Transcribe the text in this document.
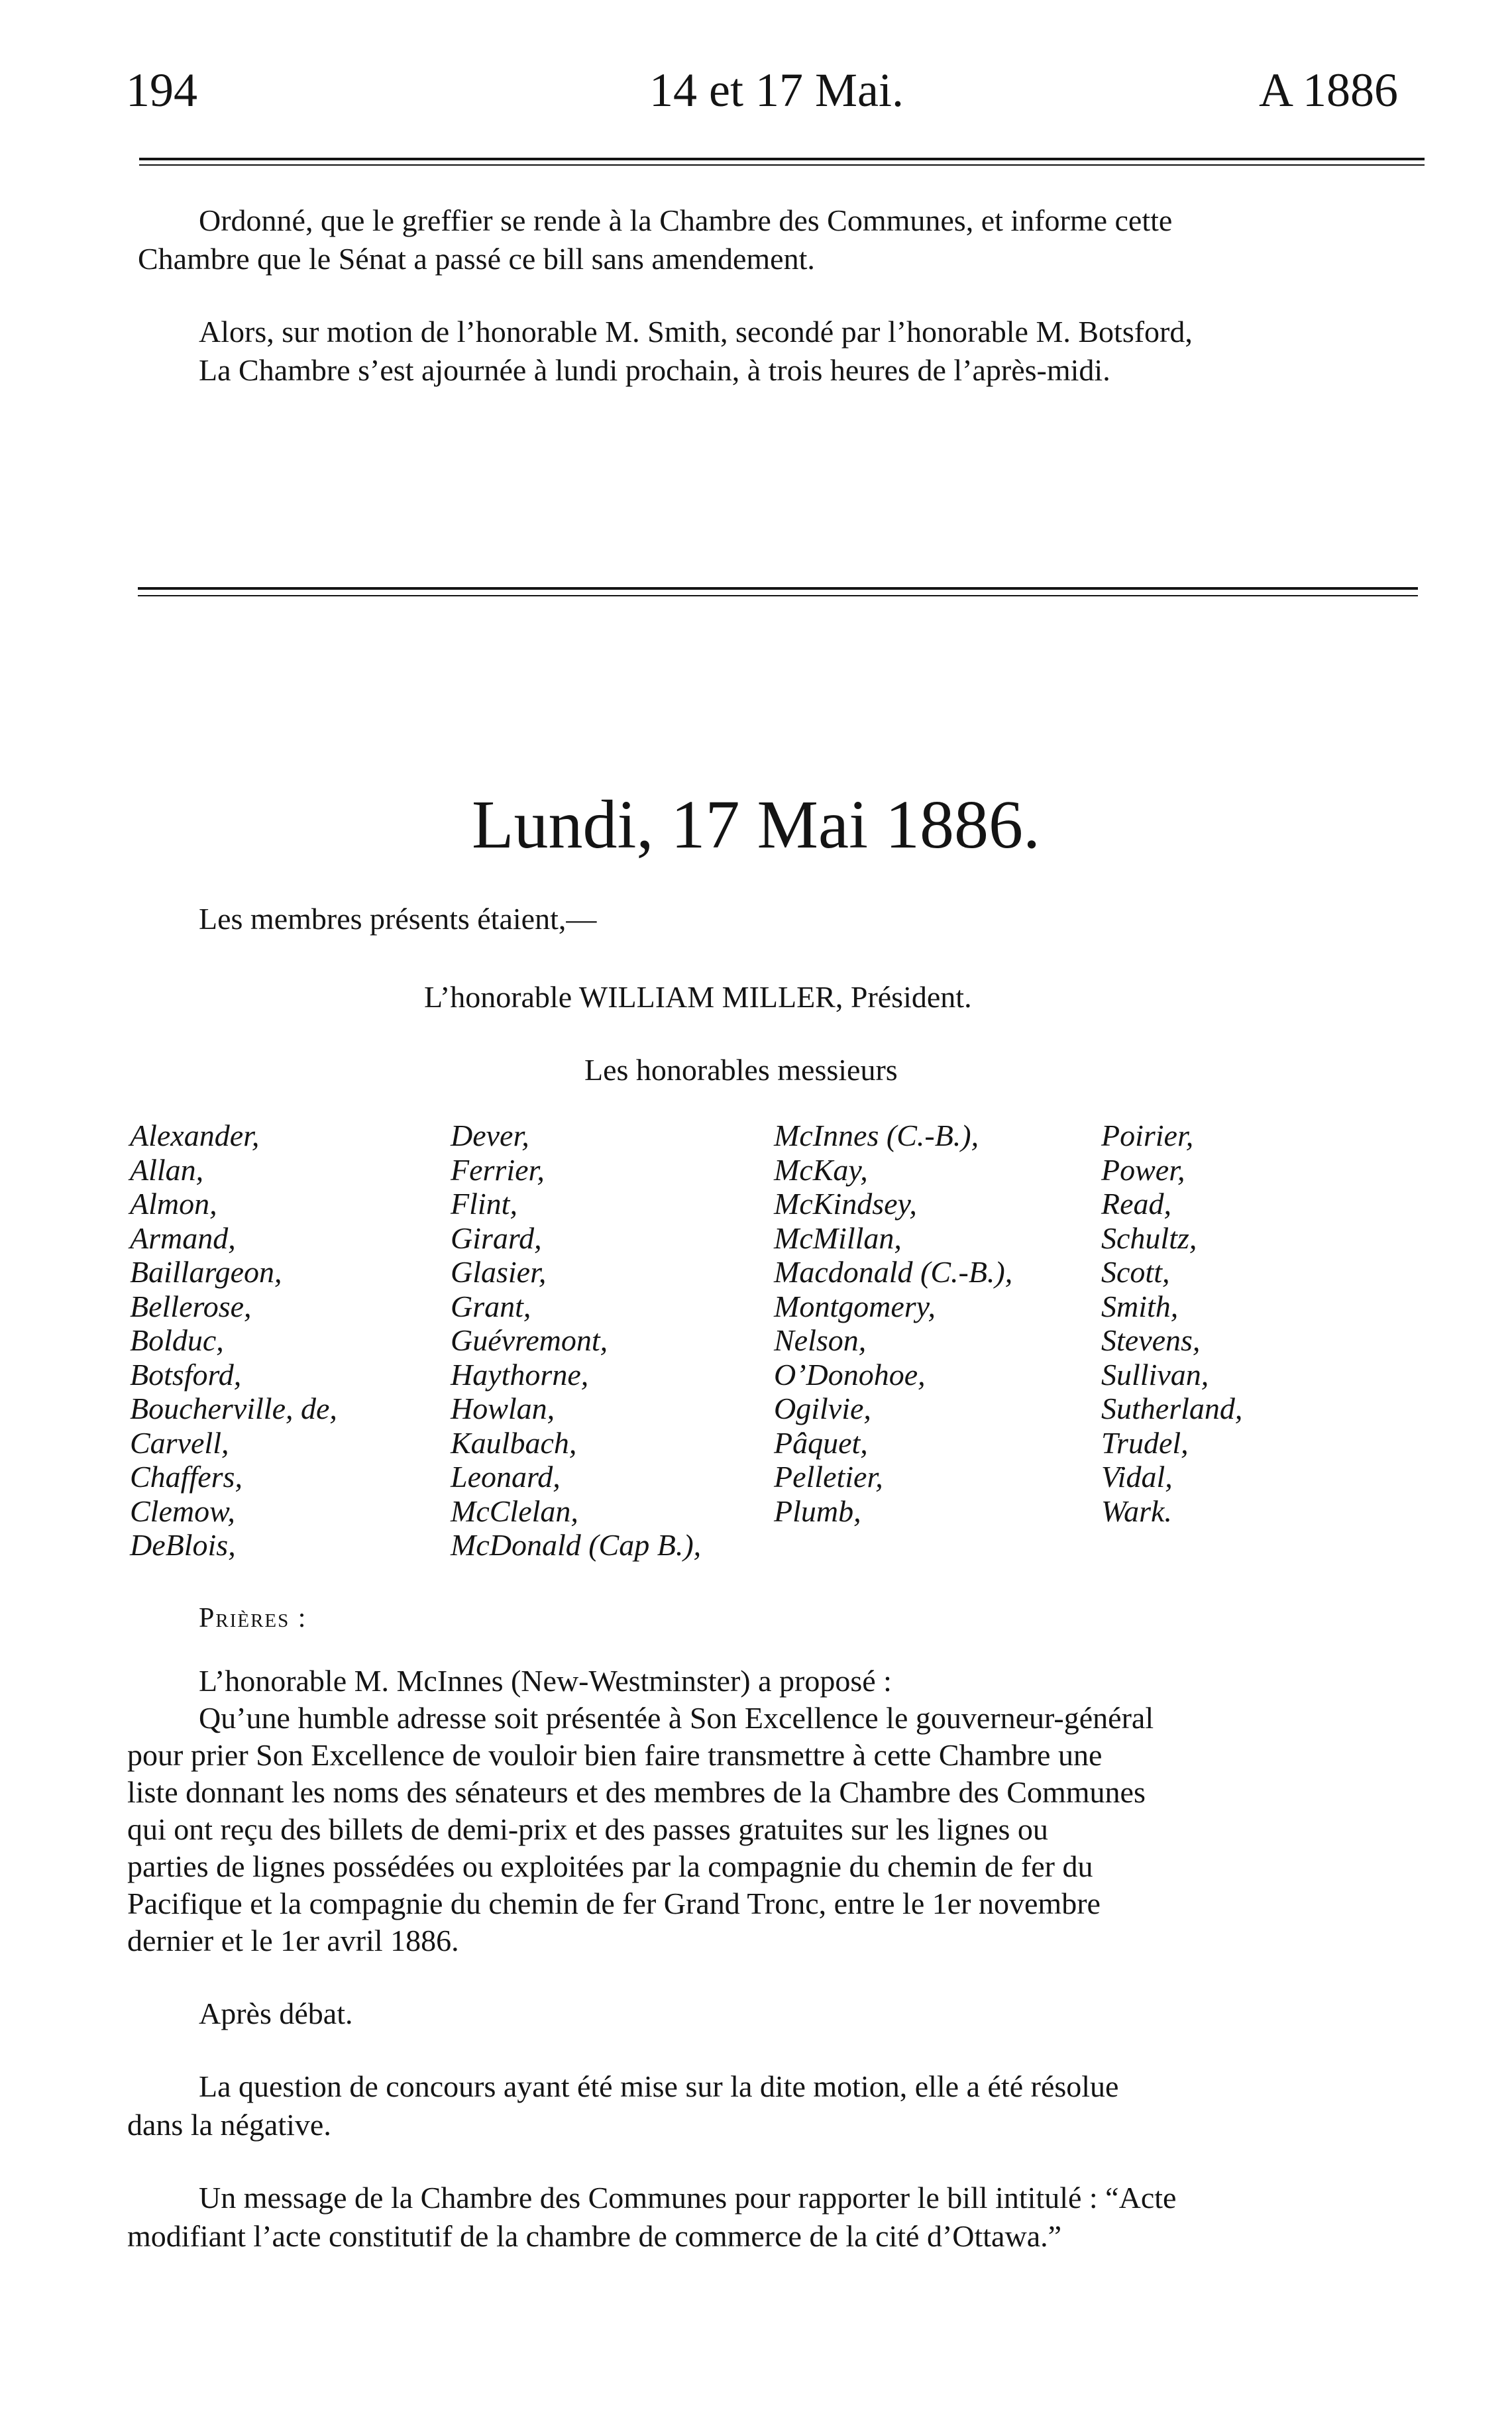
194	14 et 17 Mai.	A 1886
Ordonné, que le greffier se rende à la Chambre des Communes, et informe cette
Chambre que le Sénat a passé ce bill sans amendement.
Alors, sur motion de l’honorable M. Smith, secondé par l’honorable M. Botsford,
La Chambre s’est ajournée à lundi prochain, à trois heures de l’après-midi.
Lundi, 17 Mai 1886.
Les membres présents étaient,—
L’honorable WILLIAM MILLER, Président.
Les honorables messieurs
Alexander,
Allan,
Almon,
Armand,
Baillargeon,
Bellerose,
Bolduc,
Botsford,
Boucherville, de,
Carvell,
Chaffers,
Clemow,
DeBlois,
Dever,
Ferrier,
Flint,
Girard,
Glasier,
Grant,
Guévremont,
Haythorne,
Howlan,
Kaulbach,
Leonard,
McClelan,
McDonald (Cap B.),
McInnes (C.-B.),
McKay,
McKindsey,
McMillan,
Macdonald (C.-B.),
Montgomery,
Nelson,
O’Donohoe,
Ogilvie,
Pâquet,
Pelletier,
Plumb,
Poirier,
Power,
Read,
Schultz,
Scott,
Smith,
Stevens,
Sullivan,
Sutherland,
Trudel,
Vidal,
Wark.
Prières :
L’honorable M. McInnes (New-Westminster) a proposé :
Qu’une humble adresse soit présentée à Son Excellence le gouverneur-général
pour prier Son Excellence de vouloir bien faire transmettre à cette Chambre une
liste donnant les noms des sénateurs et des membres de la Chambre des Communes
qui ont reçu des billets de demi-prix et des passes gratuites sur les lignes ou
parties de lignes possédées ou exploitées par la compagnie du chemin de fer du
Pacifique et la compagnie du chemin de fer Grand Tronc, entre le 1er novembre
dernier et le 1er avril 1886.
Après débat.
La question de concours ayant été mise sur la dite motion, elle a été résolue
dans la négative.
Un message de la Chambre des Communes pour rapporter le bill intitulé : “Acte
modifiant l’acte constitutif de la chambre de commerce de la cité d’Ottawa.”
